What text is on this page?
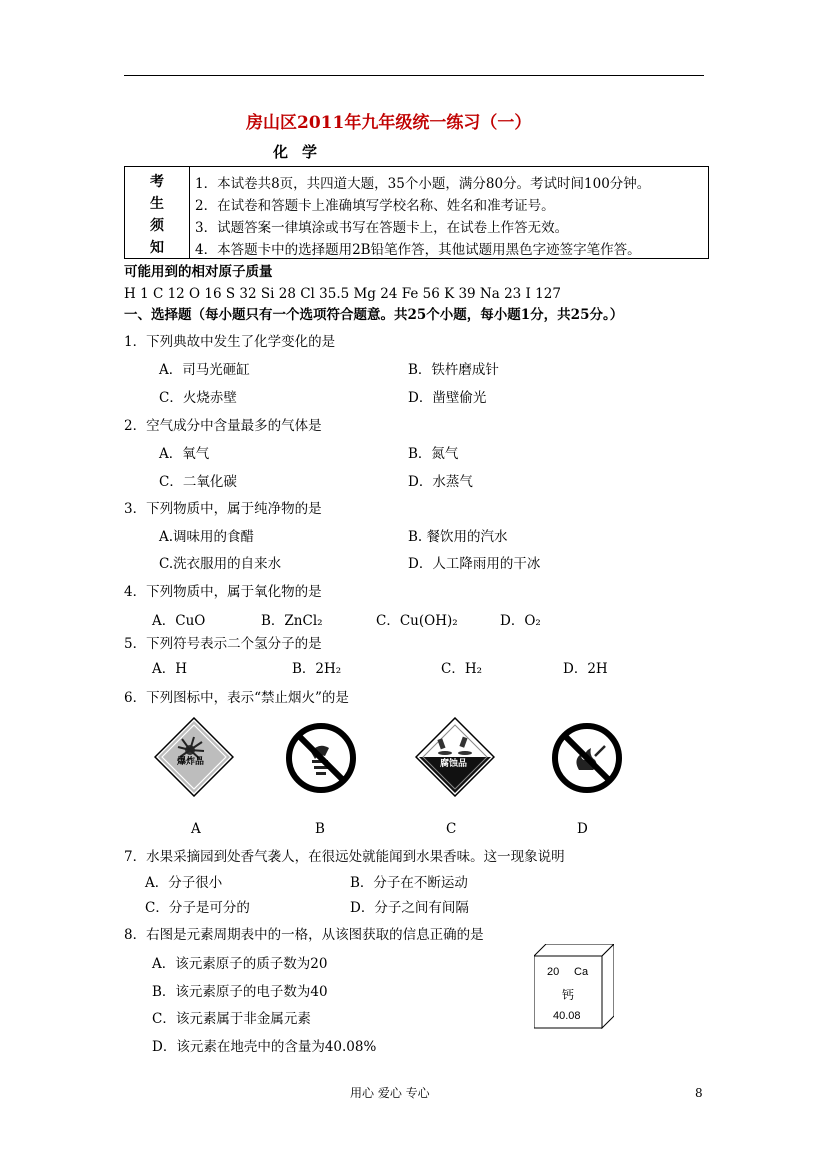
房山区2011年九年级统一练习（一）
化学
考
生
须
知
1．本试卷共8页，共四道大题，35个小题，满分80分。考试时间100分钟。
2．在试卷和答题卡上准确填写学校名称、姓名和准考证号。
3．试题答案一律填涂或书写在答题卡上，在试卷上作答无效。
4．本答题卡中的选择题用2B铅笔作答，其他试题用黑色字迹签字笔作答。
可能用到的相对原子质量
H 1 C 12 O 16 S 32 Si 28 Cl 35.5 Mg 24 Fe 56 K 39 Na 23 I 127
一、选择题（每小题只有一个选项符合题意。共25个小题，每小题1分，共25分。）
1．下列典故中发生了化学变化的是
A．司马光砸缸	B．铁杵磨成针
C．火烧赤壁	D．凿壁偷光
2．空气成分中含量最多的气体是
A．氧气	B．氮气
C．二氧化碳	D．水蒸气
3．下列物质中，属于纯净物的是
A.调味用的食醋	B. 餐饮用的汽水
C.洗衣服用的自来水	D．人工降雨用的干冰
4．下列物质中，属于氧化物的是
A．CuO	B．ZnCl₂	C．Cu(OH)₂	D．O₂
5．下列符号表示二个氢分子的是
A．H	B．2H₂	C．H₂	D．2H
6．下列图标中，表示“禁止烟火”的是
爆炸品	腐蚀品
A	B	C	D
7．水果采摘园到处香气袭人，在很远处就能闻到水果香味。这一现象说明
A．分子很小	B．分子在不断运动
C．分子是可分的	D．分子之间有间隔
8．右图是元素周期表中的一格，从该图获取的信息正确的是
A．该元素原子的质子数为20
B．该元素原子的电子数为40
C．该元素属于非金属元素
D．该元素在地壳中的含量为40.08%
20 Ca
钙
40.08
用心 爱心 专心	8
